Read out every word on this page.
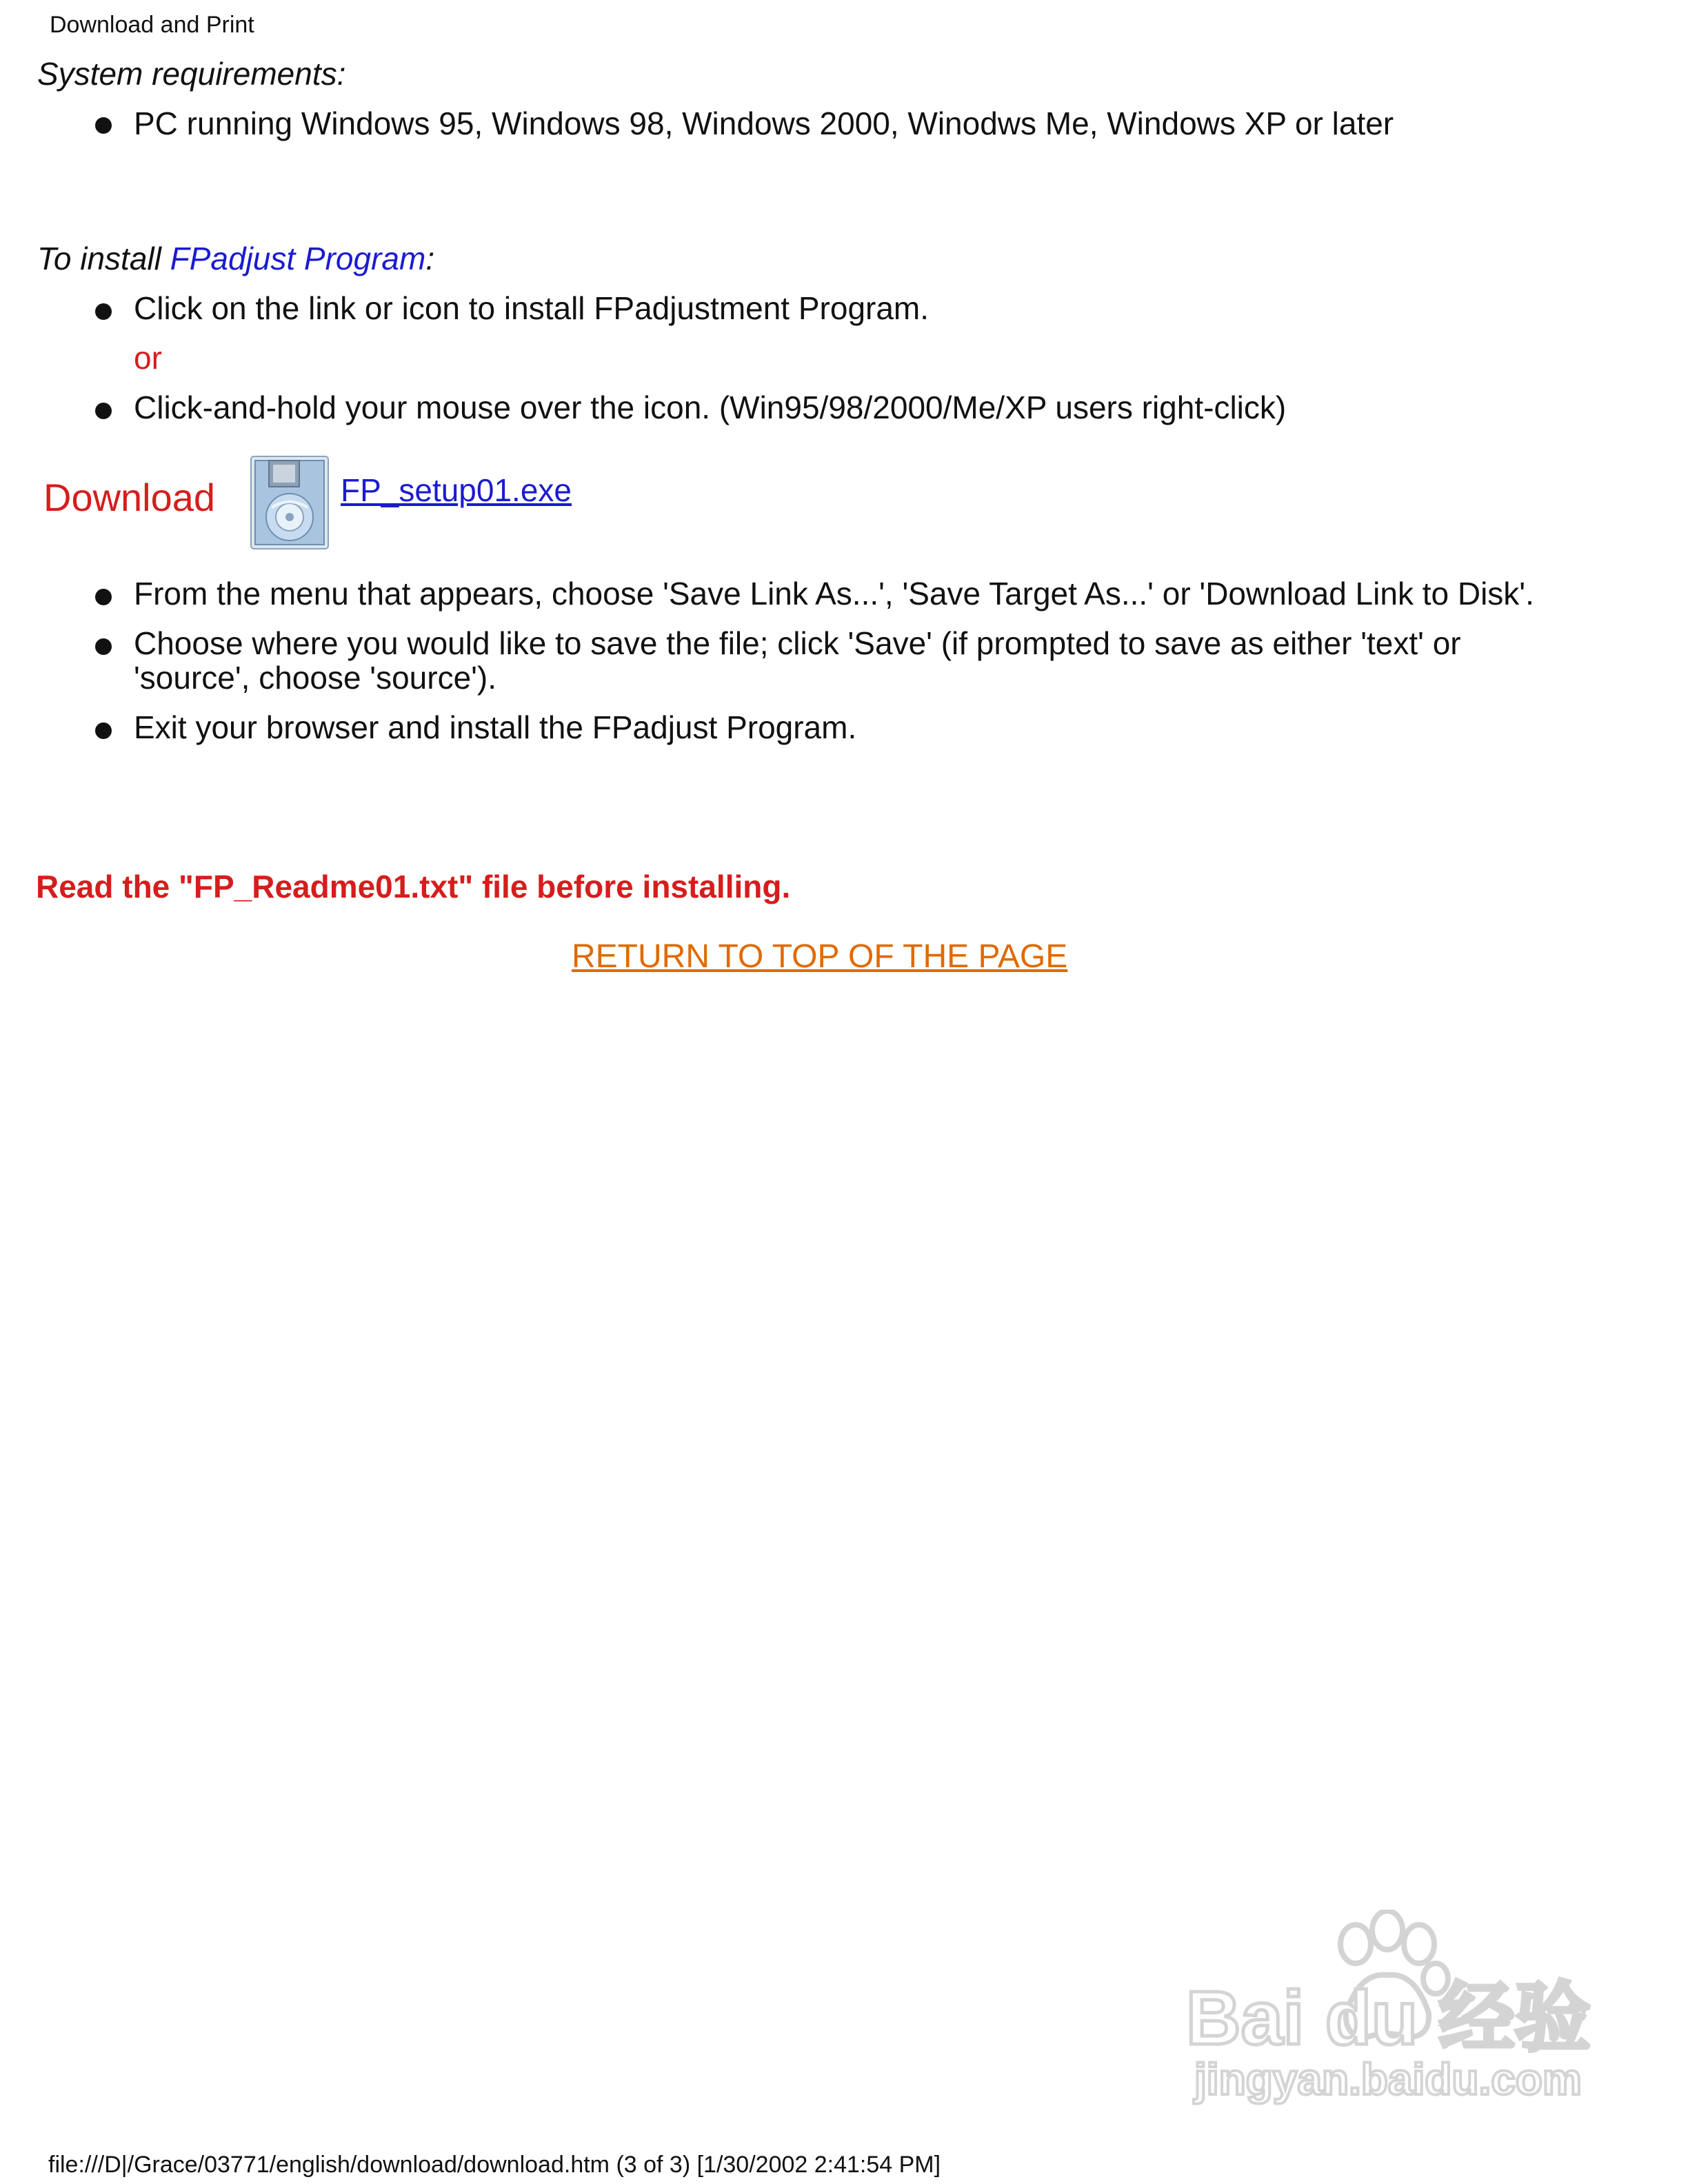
Download and Print
System requirements:
PC running Windows 95, Windows 98, Windows 2000, Winodws Me, Windows XP or later
To install FPadjust Program:
Click on the link or icon to install FPadjustment Program.
or
Click-and-hold your mouse over the icon. (Win95/98/2000/Me/XP users right-click)
Download	FP_setup01.exe
From the menu that appears, choose 'Save Link As...', 'Save Target As...' or 'Download Link to Disk'.
Choose where you would like to save the file; click 'Save' (if prompted to save as either 'text' or
'source', choose 'source').
Exit your browser and install the FPadjust Program.
Read the "FP_Readme01.txt" file before installing.
RETURN TO TOP OF THE PAGE
Bai du 经验
jingyan.baidu.com
file:///D|/Grace/03771/english/download/download.htm (3 of 3) [1/30/2002 2:41:54 PM]
